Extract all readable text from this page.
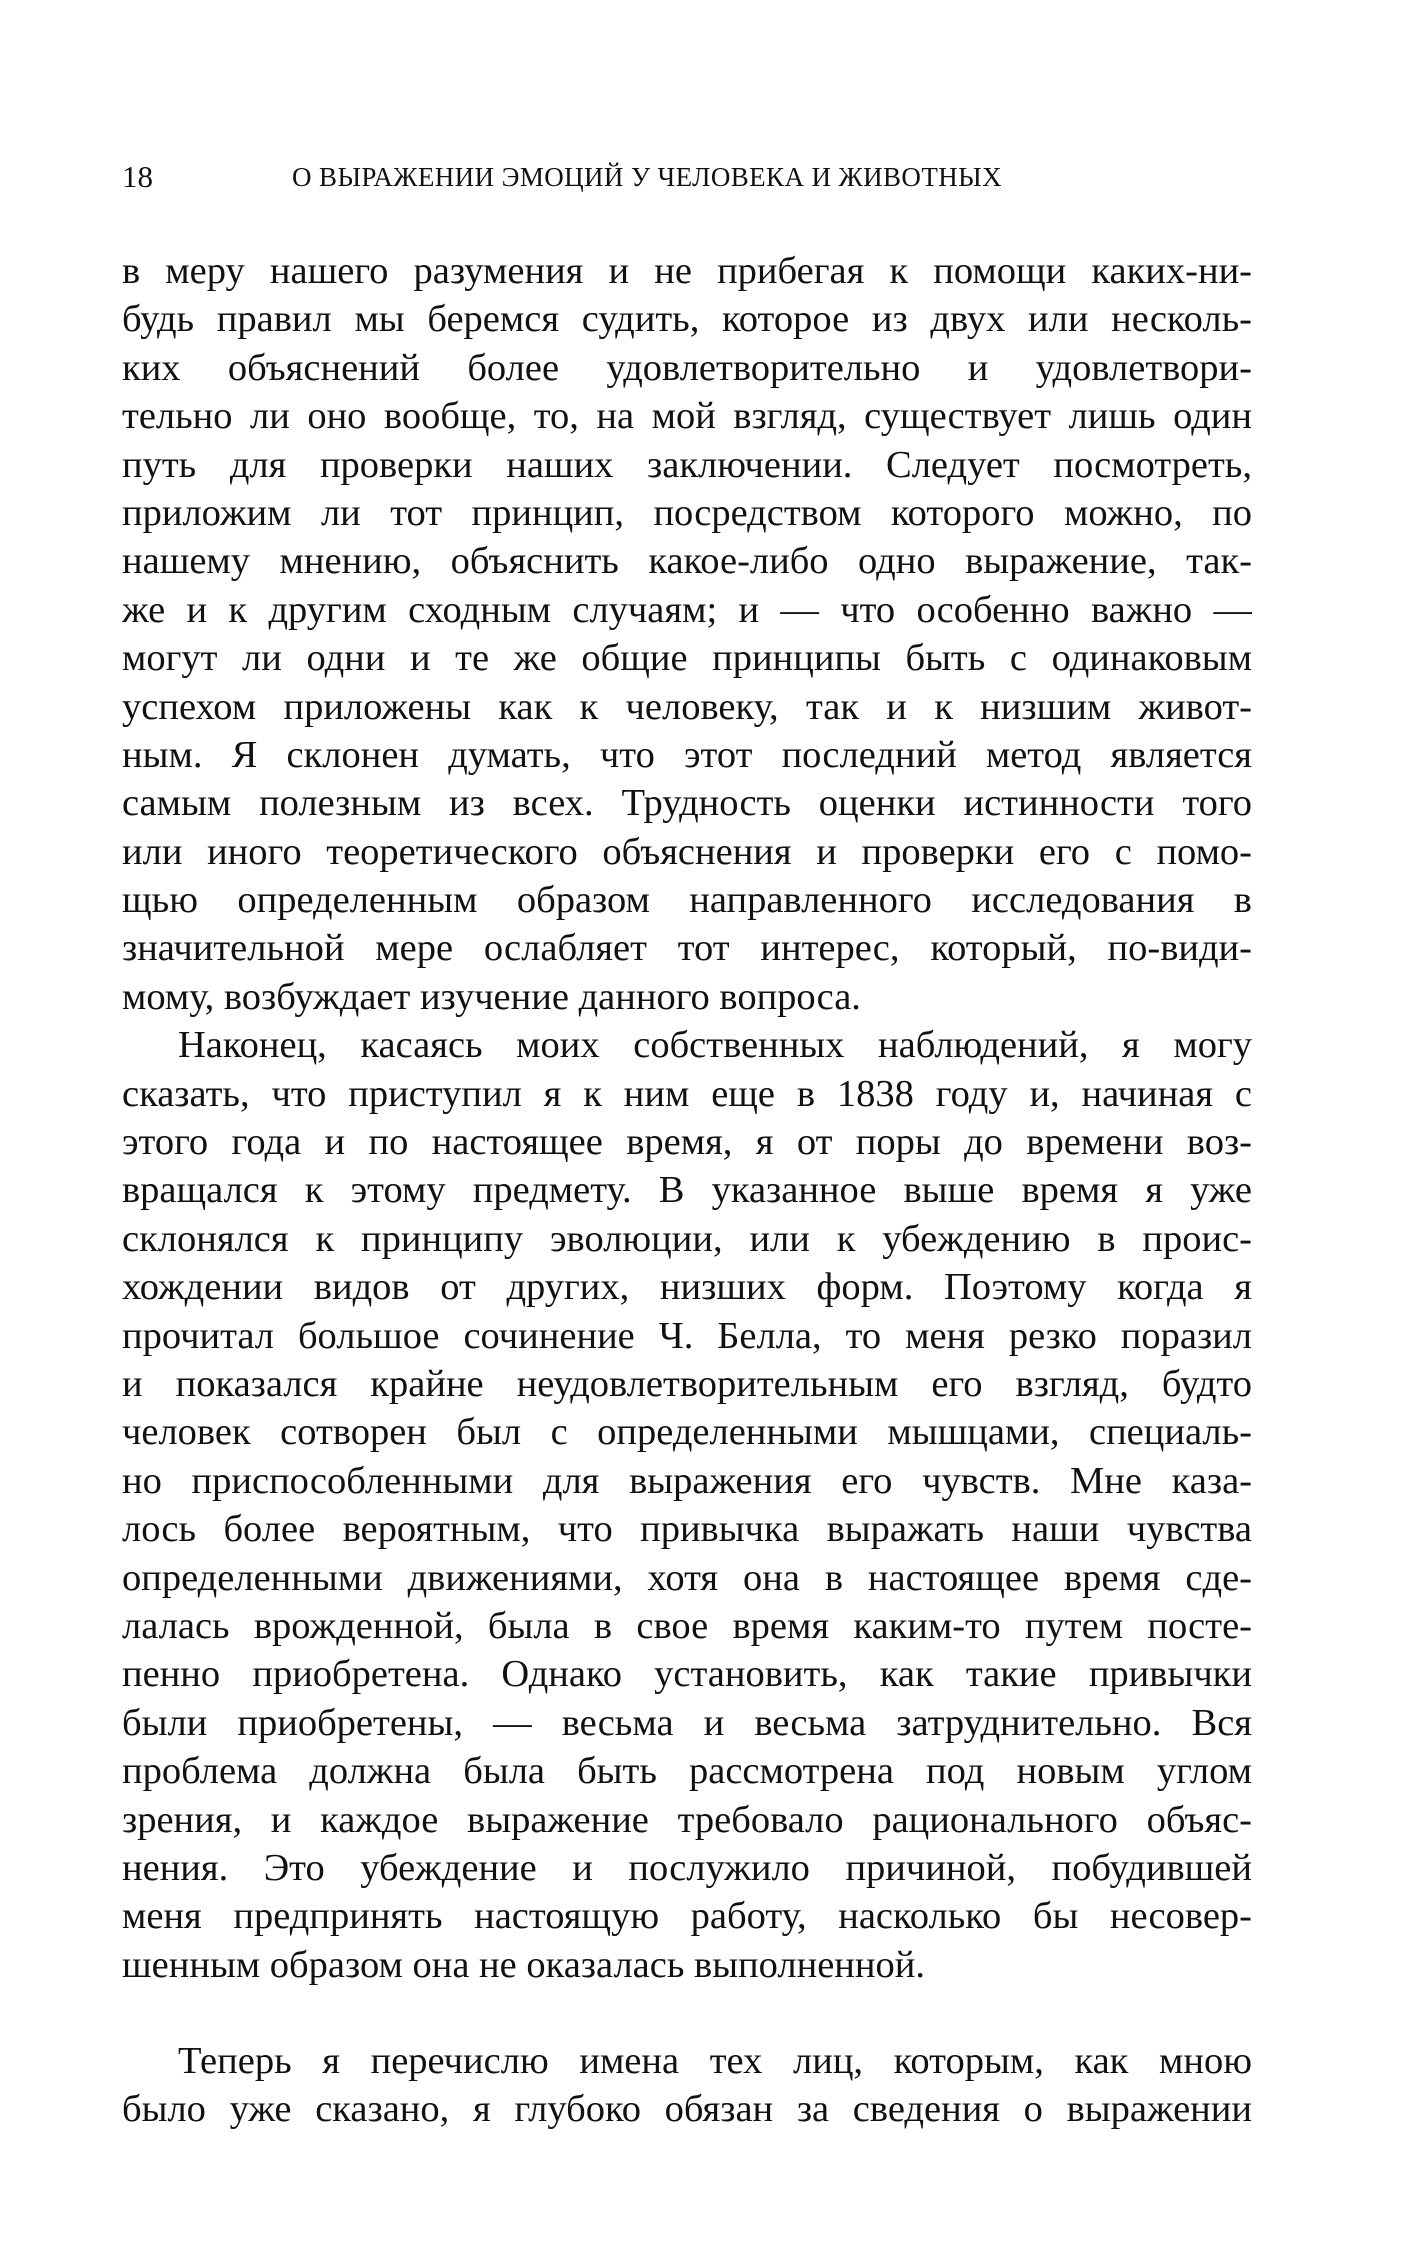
18	О ВЫРАЖЕНИИ ЭМОЦИЙ У ЧЕЛОВЕКА И ЖИВОТНЫХ
в меру нашего разумения и не прибегая к помощи каких-ни-
будь правил мы беремся судить, которое из двух или несколь-
ких объяснений более удовлетворительно и удовлетвори-
тельно ли оно вообще, то, на мой взгляд, существует лишь один
путь для проверки наших заключении. Следует посмотреть,
приложим ли тот принцип, посредством которого можно, по
нашему мнению, объяснить какое-либо одно выражение, так-
же и к другим сходным случаям; и — что особенно важно —
могут ли одни и те же общие принципы быть с одинаковым
успехом приложены как к человеку, так и к низшим живот-
ным. Я склонен думать, что этот последний метод является
самым полезным из всех. Трудность оценки истинности того
или иного теоретического объяснения и проверки его с помо-
щью определенным образом направленного исследования в
значительной мере ослабляет тот интерес, который, по-види-
мому, возбуждает изучение данного вопроса.
Наконец, касаясь моих собственных наблюдений, я могу
сказать, что приступил я к ним еще в 1838 году и, начиная с
этого года и по настоящее время, я от поры до времени воз-
вращался к этому предмету. В указанное выше время я уже
склонялся к принципу эволюции, или к убеждению в проис-
хождении видов от других, низших форм. Поэтому когда я
прочитал большое сочинение Ч. Белла, то меня резко поразил
и показался крайне неудовлетворительным его взгляд, будто
человек сотворен был с определенными мышцами, специаль-
но приспособленными для выражения его чувств. Мне каза-
лось более вероятным, что привычка выражать наши чувства
определенными движениями, хотя она в настоящее время сде-
лалась врожденной, была в свое время каким-то путем посте-
пенно приобретена. Однако установить, как такие привычки
были приобретены, — весьма и весьма затруднительно. Вся
проблема должна была быть рассмотрена под новым углом
зрения, и каждое выражение требовало рационального объяс-
нения. Это убеждение и послужило причиной, побудившей
меня предпринять настоящую работу, насколько бы несовер-
шенным образом она не оказалась выполненной.
Теперь я перечислю имена тех лиц, которым, как мною
было уже сказано, я глубоко обязан за сведения о выражении
